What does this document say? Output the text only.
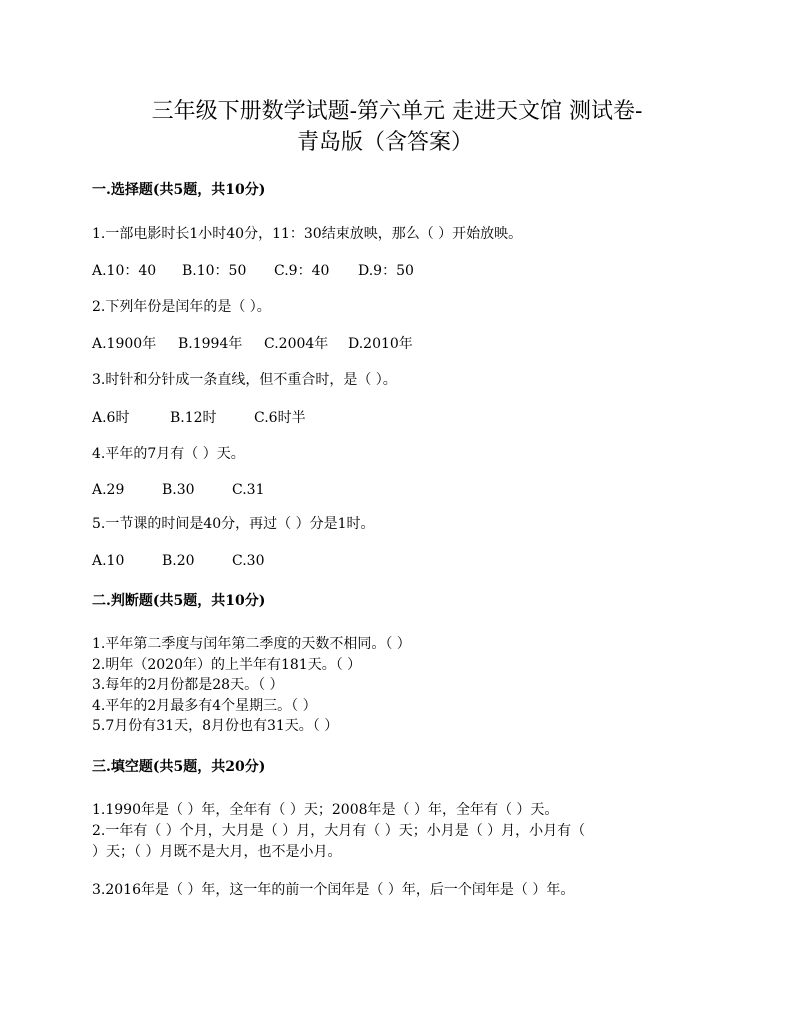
三年级下册数学试题-第六单元 走进天文馆 测试卷-
青岛版（含答案）
一.选择题(共5题，共10分)
1.一部电影时长1小时40分，11：30结束放映，那么（ ）开始放映。
A.10：40 B.10：50 C.9：40 D.9：50
2.下列年份是闰年的是（ ）。
A.1900年 B.1994年 C.2004年 D.2010年
3.时针和分针成一条直线，但不重合时，是（ ）。
A.6时	B.12时	C.6时半
4.平年的7月有（ ）天。
A.29	B.30	C.31
5.一节课的时间是40分，再过（ ）分是1时。
A.10	B.20	C.30
二.判断题(共5题，共10分)
1.平年第二季度与闰年第二季度的天数不相同。（ ）
2.明年（2020年）的上半年有181天。（ ）
3.每年的2月份都是28天。（ ）
4.平年的2月最多有4个星期三。（ ）
5.7月份有31天，8月份也有31天。（ ）
三.填空题(共5题，共20分)
1.1990年是（ ）年，全年有（ ）天；2008年是（ ）年，全年有（ ）天。
2.一年有（ ）个月，大月是（ ）月，大月有（ ）天；小月是（ ）月，小月有（
）天；（ ）月既不是大月，也不是小月。
3.2016年是（ ）年，这一年的前一个闰年是（ ）年，后一个闰年是（ ）年。
